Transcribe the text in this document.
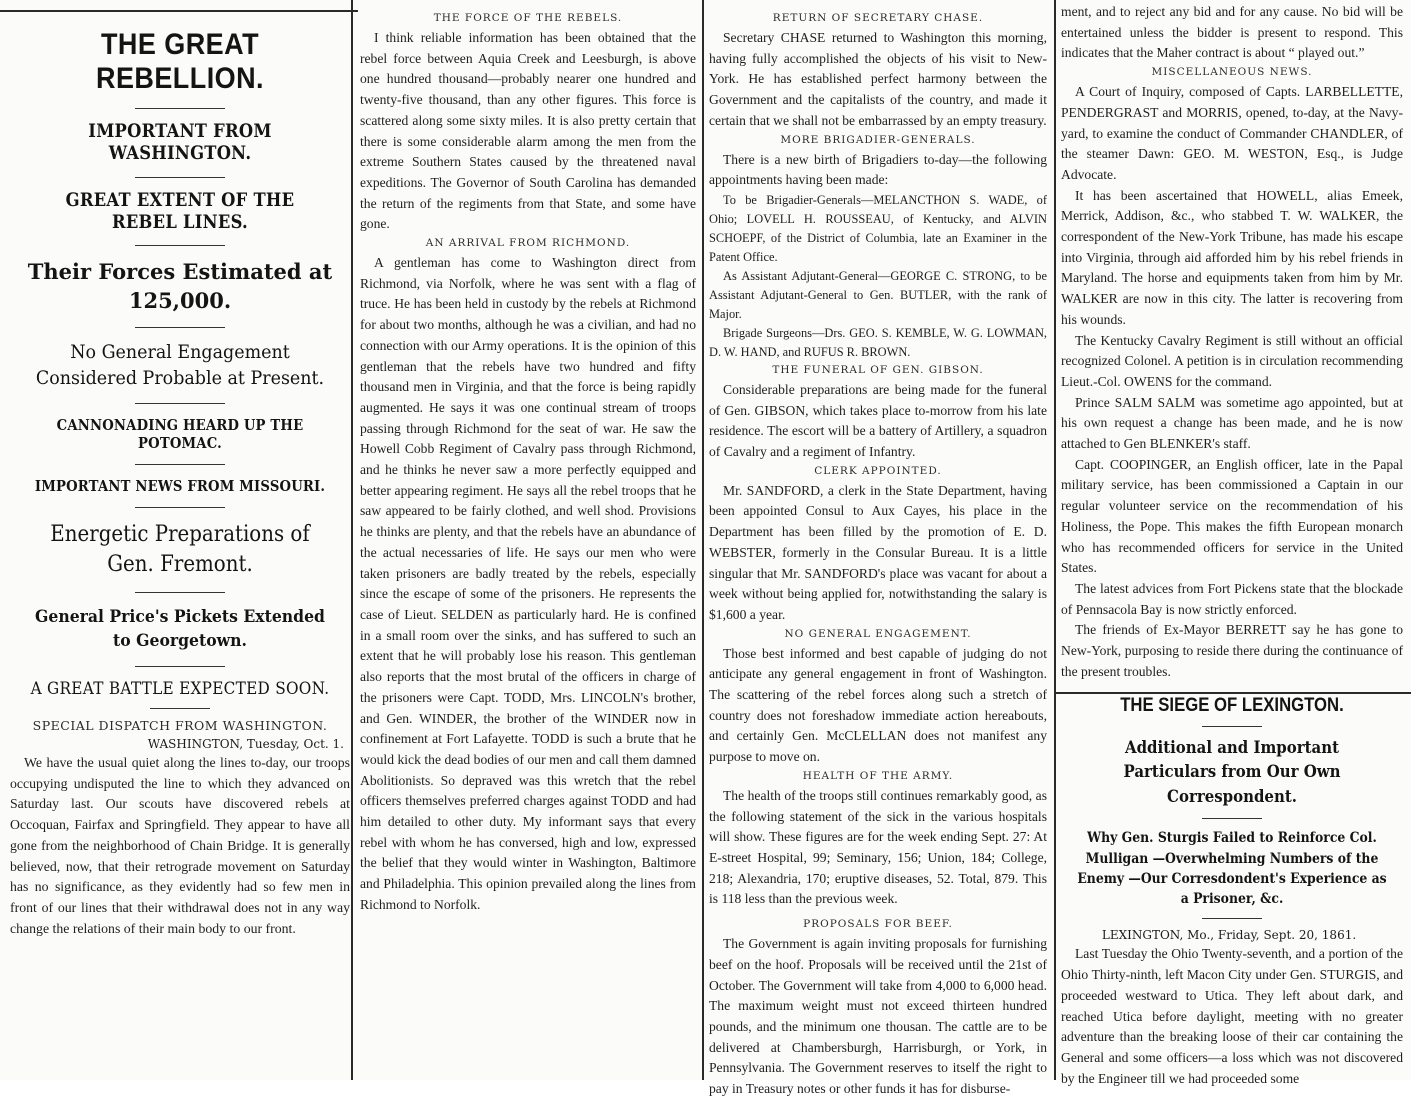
THE GREAT REBELLION.
IMPORTANT FROM WASHINGTON.
GREAT EXTENT OF THE REBEL LINES.
Their Forces Estimated at 125,000.
No General Engagement Considered Probable at Present.
CANNONADING HEARD UP THE POTOMAC.
IMPORTANT NEWS FROM MISSOURI.
Energetic Preparations of Gen. Fremont.
General Price's Pickets Extended to Georgetown.
A GREAT BATTLE EXPECTED SOON.
SPECIAL DISPATCH FROM WASHINGTON.
WASHINGTON, Tuesday, Oct. 1.

We have the usual quiet along the lines to-day, our troops occupying undisputed the line to which they advanced on Saturday last. Our scouts have discovered rebels at Occoquan, Fairfax and Springfield. They appear to have all gone from the neighborhood of Chain Bridge. It is generally believed, now, that their retrograde movement on Saturday has no significance, as they evidently had so few men in front of our lines that their withdrawal does not in any way change the relations of their main body to our front.

THE FORCE OF THE REBELS.

I think reliable information has been obtained that the rebel force between Aquia Creek and Leesburgh, is above one hundred thousand—probably nearer one hundred and twenty-five thousand, than any other figures. This force is scattered along some sixty miles. It is also pretty certain that there is some considerable alarm among the men from the extreme Southern States caused by the threatened naval expeditions. The Governor of South Carolina has demanded the return of the regiments from that State, and some have gone.

AN ARRIVAL FROM RICHMOND.

A gentleman has come to Washington direct from Richmond, via Norfolk, where he was sent with a flag of truce. He has been held in custody by the rebels at Richmond for about two months, although he was a civilian, and had no connection with our Army operations. It is the opinion of this gentleman that the rebels have two hundred and fifty thousand men in Virginia, and that the force is being rapidly augmented. He says it was one continual stream of troops passing through Richmond for the seat of war. He saw the Howell Cobb Regiment of Cavalry pass through Richmond, and he thinks he never saw a more perfectly equipped and better appearing regiment. He says all the rebel troops that he saw appeared to be fairly clothed, and well shod. Provisions he thinks are plenty, and that the rebels have an abundance of the actual necessaries of life. He says our men who were taken prisoners are badly treated by the rebels, especially since the escape of some of the prisoners. He represents the case of Lieut. SELDEN as particularly hard. He is confined in a small room over the sinks, and has suffered to such an extent that he will probably lose his reason. This gentleman also reports that the most brutal of the officers in charge of the prisoners were Capt. TODD, Mrs. LINCOLN's brother, and Gen. WINDER, the brother of the WINDER now in confinement at Fort Lafayette. TODD is such a brute that he would kick the dead bodies of our men and call them damned Abolitionists. So depraved was this wretch that the rebel officers themselves preferred charges against TODD and had him detailed to other duty. My informant says that every rebel with whom he has conversed, high and low, expressed the belief that they would winter in Washington, Baltimore and Philadelphia. This opinion prevailed along the lines from Richmond to Norfolk.

RETURN OF SECRETARY CHASE.

Secretary CHASE returned to Washington this morning, having fully accomplished the objects of his visit to New-York. He has established perfect harmony between the Government and the capitalists of the country, and made it certain that we shall not be embarrassed by an empty treasury.

MORE BRIGADIER-GENERALS.

There is a new birth of Brigadiers to-day—the following appointments having been made:

To be Brigadier-Generals—MELANCTHON S. WADE, of Ohio; LOVELL H. ROUSSEAU, of Kentucky, and ALVIN SCHOEPF, of the District of Columbia, late an Examiner in the Patent Office.

As Assistant Adjutant-General—GEORGE C. STRONG, to be Assistant Adjutant-General to Gen. BUTLER, with the rank of Major.

Brigade Surgeons—Drs. GEO. S. KEMBLE, W. G. LOWMAN, D. W. HAND, and RUFUS R. BROWN.

THE FUNERAL OF GEN. GIBSON.

Considerable preparations are being made for the funeral of Gen. GIBSON, which takes place to-morrow from his late residence. The escort will be a battery of Artillery, a squadron of Cavalry and a regiment of Infantry.

CLERK APPOINTED.

Mr. SANDFORD, a clerk in the State Department, having been appointed Consul to Aux Cayes, his place in the Department has been filled by the promotion of E. D. WEBSTER, formerly in the Consular Bureau. It is a little singular that Mr. SANDFORD's place was vacant for about a week without being applied for, notwithstanding the salary is $1,600 a year.

NO GENERAL ENGAGEMENT.

Those best informed and best capable of judging do not anticipate any general engagement in front of Washington. The scattering of the rebel forces along such a stretch of country does not foreshadow immediate action hereabouts, and certainly Gen. McCLELLAN does not manifest any purpose to move on.

HEALTH OF THE ARMY.

The health of the troops still continues remarkably good, as the following statement of the sick in the various hospitals will show. These figures are for the week ending Sept. 27: At E-street Hospital, 99; Seminary, 156; Union, 184; College, 218; Alexandria, 170; eruptive diseases, 52. Total, 879. This is 118 less than the previous week.

PROPOSALS FOR BEEF.

The Government is again inviting proposals for furnishing beef on the hoof. Proposals will be received until the 21st of October. The Government will take from 4,000 to 6,000 head. The maximum weight must not exceed thirteen hundred pounds, and the minimum one thousan. The cattle are to be delivered at Chambersburgh, Harrisburgh, or York, in Pennsylvania. The Government reserves to itself the right to pay in Treasury notes or other funds it has for disburse-

ment, and to reject any bid and for any cause. No bid will be entertained unless the bidder is present to respond. This indicates that the Maher contract is about “ played out.”

MISCELLANEOUS NEWS.

A Court of Inquiry, composed of Capts. LARBELLETTE, PENDERGRAST and MORRIS, opened, to-day, at the Navy-yard, to examine the conduct of Commander CHANDLER, of the steamer Dawn: GEO. M. WESTON, Esq., is Judge Advocate.

It has been ascertained that HOWELL, alias Emeek, Merrick, Addison, &c., who stabbed T. W. WALKER, the correspondent of the New-York Tribune, has made his escape into Virginia, through aid afforded him by his rebel friends in Maryland. The horse and equipments taken from him by Mr. WALKER are now in this city. The latter is recovering from his wounds.

The Kentucky Cavalry Regiment is still without an official recognized Colonel. A petition is in circulation recommending Lieut.-Col. OWENS for the command.

Prince SALM SALM was sometime ago appointed, but at his own request a change has been made, and he is now attached to Gen BLENKER's staff.

Capt. COOPINGER, an English officer, late in the Papal military service, has been commissioned a Captain in our regular volunteer service on the recommendation of his Holiness, the Pope. This makes the fifth European monarch who has recommended officers for service in the United States.

The latest advices from Fort Pickens state that the blockade of Pennsacola Bay is now strictly enforced.

The friends of Ex-Mayor BERRETT say he has gone to New-York, purposing to reside there during the continuance of the present troubles.

THE SIEGE OF LEXINGTON.
Additional and Important Particulars from Our Own Correspondent.
Why Gen. Sturgis Failed to Reinforce Col. Mulligan —Overwhelming Numbers of the Enemy —Our Corresdondent's Experience as a Prisoner, &c.
LEXINGTON, Mo., Friday, Sept. 20, 1861.

Last Tuesday the Ohio Twenty-seventh, and a portion of the Ohio Thirty-ninth, left Macon City under Gen. STURGIS, and proceeded westward to Utica. They left about dark, and reached Utica before daylight, meeting with no greater adventure than the breaking loose of their car containing the General and some officers—a loss which was not discovered by the Engineer till we had proceeded some
